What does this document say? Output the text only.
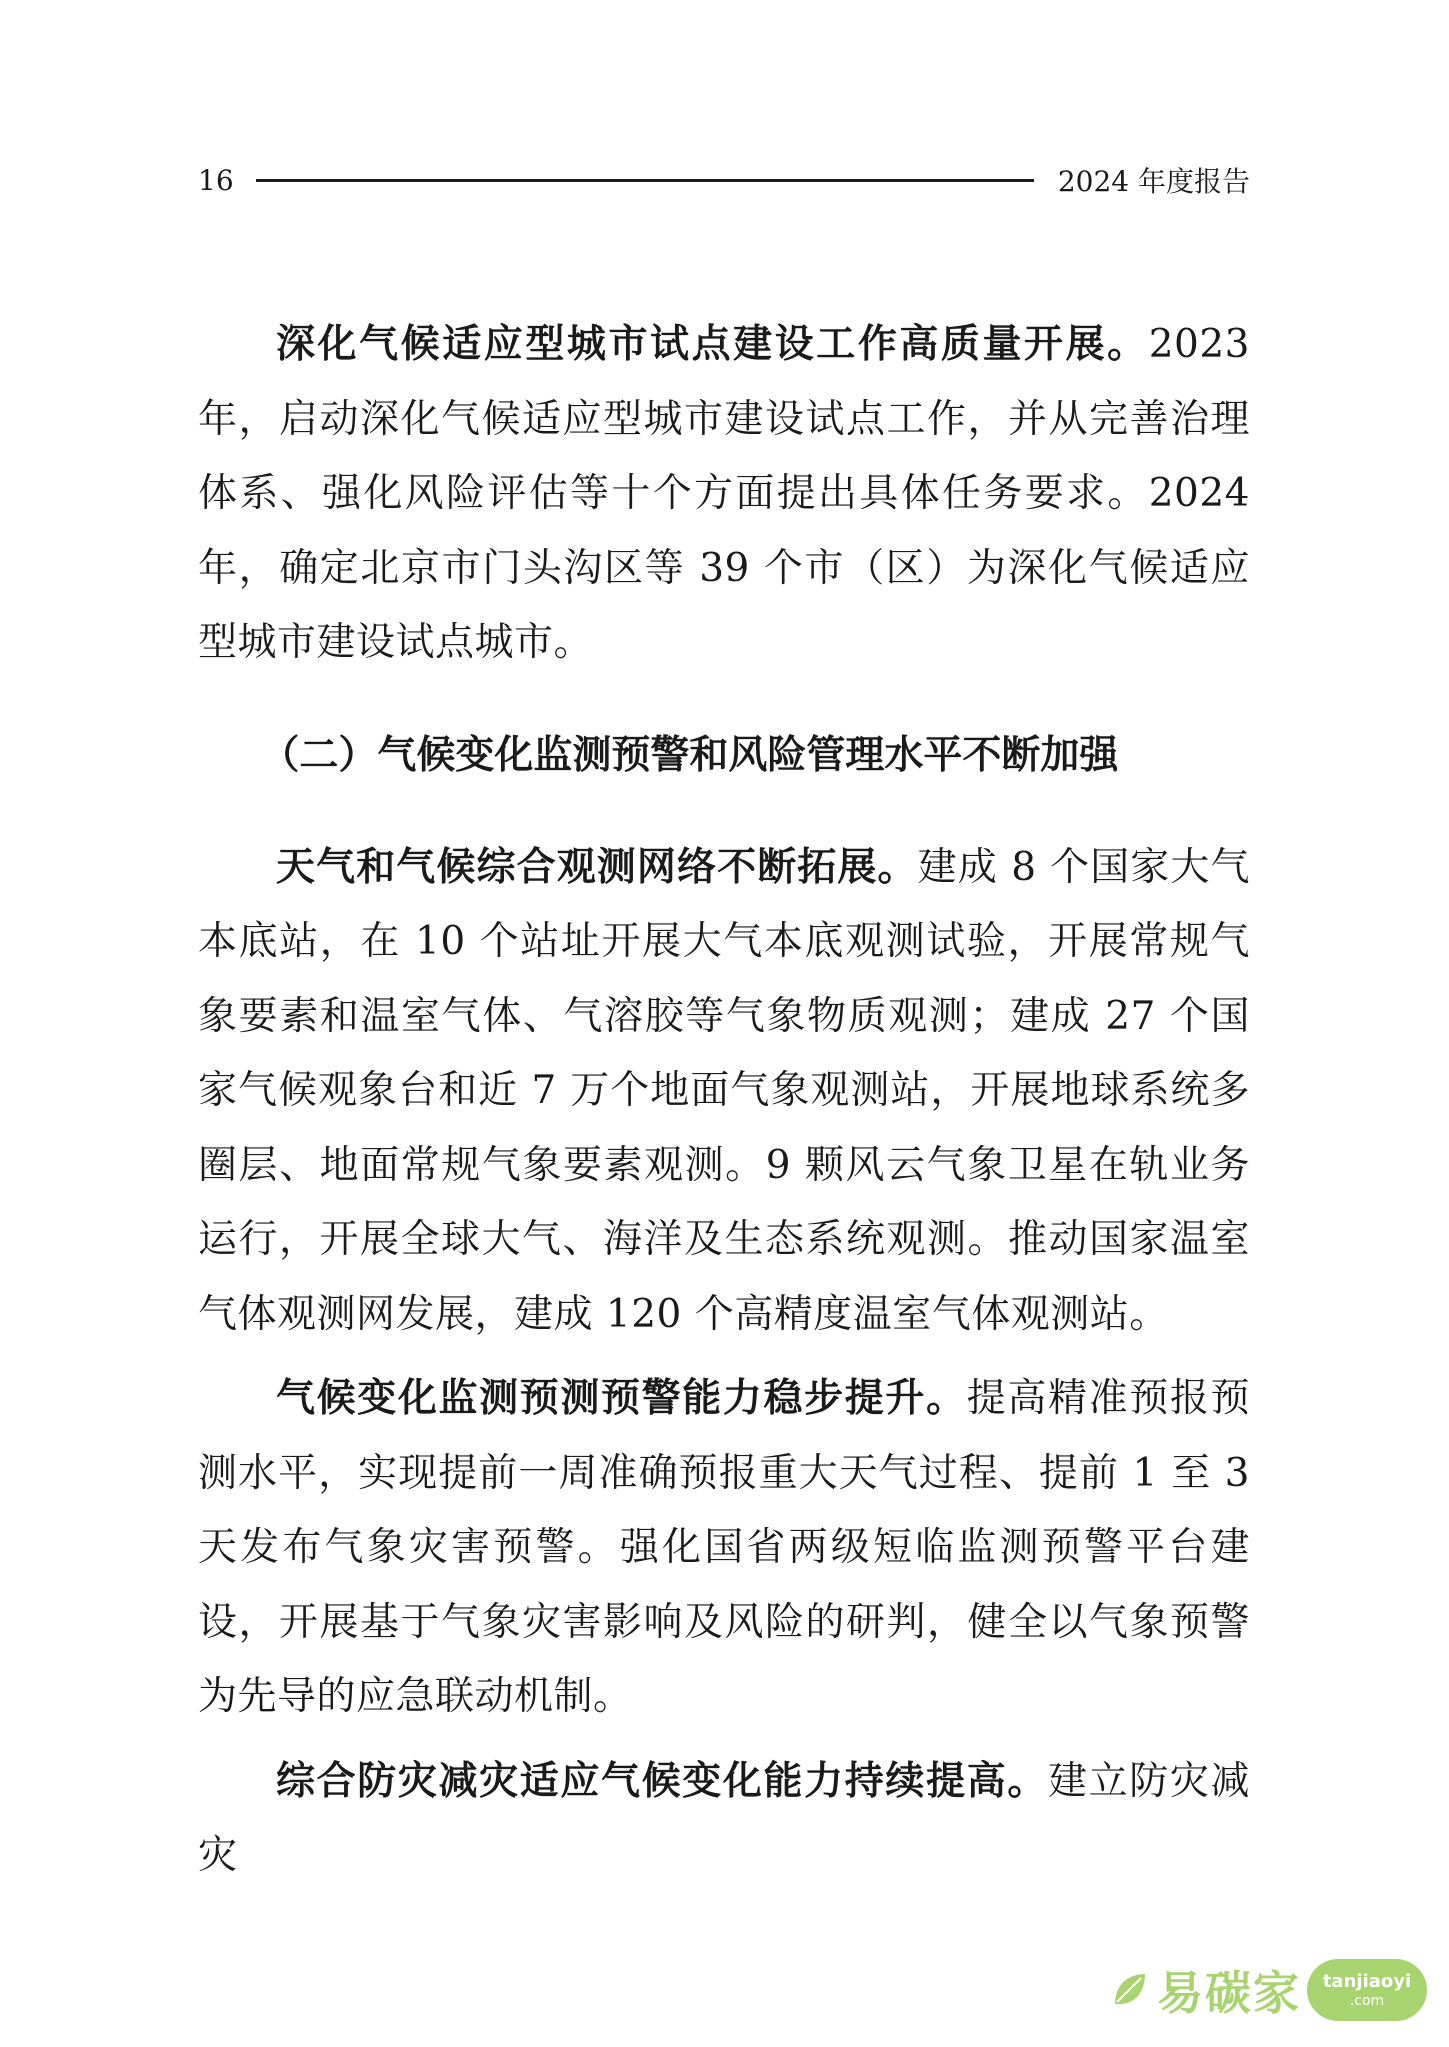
16	2024 年度报告

深化气候适应型城市试点建设工作高质量开展。2023 年，启动深化气候适应型城市建设试点工作，并从完善治理体系、强化风险评估等十个方面提出具体任务要求。2024 年，确定北京市门头沟区等 39 个市（区）为深化气候适应型城市建设试点城市。

（二）气候变化监测预警和风险管理水平不断加强

天气和气候综合观测网络不断拓展。建成 8 个国家大气本底站，在 10 个站址开展大气本底观测试验，开展常规气象要素和温室气体、气溶胶等气象物质观测；建成 27 个国家气候观象台和近 7 万个地面气象观测站，开展地球系统多圈层、地面常规气象要素观测。9 颗风云气象卫星在轨业务运行，开展全球大气、海洋及生态系统观测。推动国家温室气体观测网发展，建成 120 个高精度温室气体观测站。

气候变化监测预测预警能力稳步提升。提高精准预报预测水平，实现提前一周准确预报重大天气过程、提前 1 至 3 天发布气象灾害预警。强化国省两级短临监测预警平台建设，开展基于气象灾害影响及风险的研判，健全以气象预警为先导的应急联动机制。

综合防灾减灾适应气候变化能力持续提高。建立防灾减灾

易碳家 tanjiaoyi
.com
